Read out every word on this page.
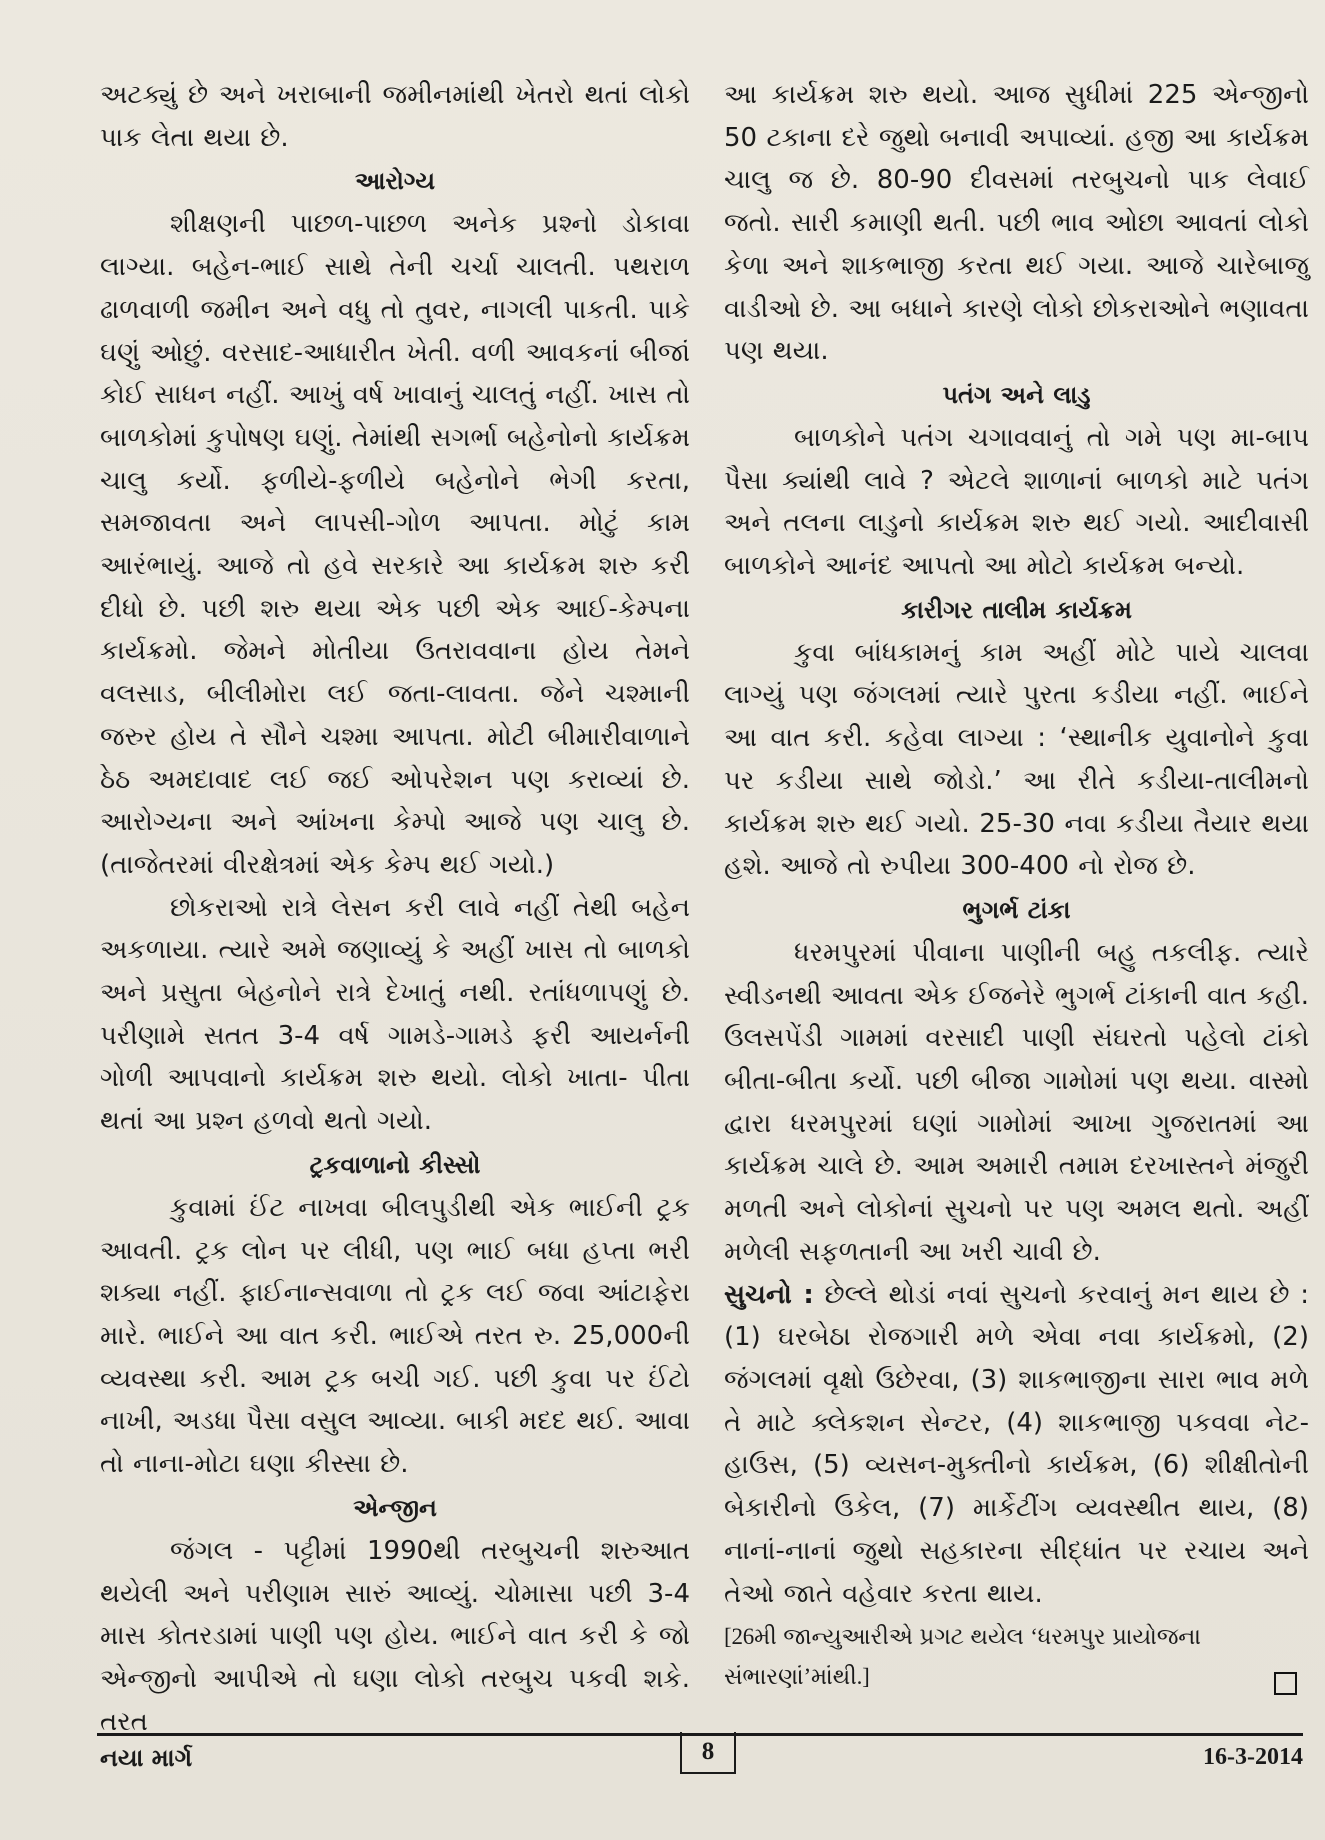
અટક્યું છે અને ખરાબાની જમીનમાંથી ખેતરો થતાં લોકો પાક લેતા થયા છે.

આરોગ્ય

શીક્ષણની પાછળ-પાછળ અનેક પ્રશ્નો ડોકાવા લાગ્યા. બહેન-ભાઈ સાથે તેની ચર્ચા ચાલતી. પથરાળ ઢાળવાળી જમીન અને વધુ તો તુવર, નાગલી પાકતી. પાકે ઘણું ઓછું. વરસાદ-આધારીત ખેતી. વળી આવકનાં બીજાં કોઈ સાધન નહીં. આખું વર્ષ ખાવાનું ચાલતું નહીં. ખાસ તો બાળકોમાં કુપોષણ ઘણું. તેમાંથી સગર્ભા બહેનોનો કાર્યક્રમ ચાલુ કર્યો. ફળીયે-ફળીયે બહેનોને ભેગી કરતા, સમજાવતા અને લાપસી-ગોળ આપતા. મોટું કામ આરંભાયું. આજે તો હવે સરકારે આ કાર્યક્રમ શરુ કરી દીધો છે. પછી શરુ થયા એક પછી એક આઈ-કેમ્પના કાર્યક્રમો. જેમને મોતીયા ઉતરાવવાના હોય તેમને વલસાડ, બીલીમોરા લઈ જતા-લાવતા. જેને ચશ્માની જરુર હોય તે સૌને ચશ્મા આપતા. મોટી બીમારીવાળાને ઠેઠ અમદાવાદ લઈ જઈ ઓપરેશન પણ કરાવ્યાં છે. આરોગ્યના અને આંખના કેમ્પો આજે પણ ચાલુ છે. (તાજેતરમાં વીરક્ષેત્રમાં એક કેમ્પ થઈ ગયો.)

છોકરાઓ રાત્રે લેસન કરી લાવે નહીં તેથી બહેન અકળાયા. ત્યારે અમે જણાવ્યું કે અહીં ખાસ તો બાળકો અને પ્રસુતા બેહનોને રાત્રે દેખાતું નથી. રતાંધળાપણું છે. પરીણામે સતત 3-4 વર્ષ ગામડે-ગામડે ફરી આયર્નની ગોળી આપવાનો કાર્યક્રમ શરુ થયો. લોકો ખાતા- પીતા થતાં આ પ્રશ્ન હળવો થતો ગયો.

ટ્રકવાળાનો કીસ્સો

કુવામાં ઈંટ નાખવા બીલપુડીથી એક ભાઈની ટ્રક આવતી. ટ્રક લોન પર લીધી, પણ ભાઈ બધા હપ્તા ભરી શક્યા નહીં. ફાઈનાન્સવાળા તો ટ્રક લઈ જવા આંટાફેરા મારે. ભાઈને આ વાત કરી. ભાઈએ તરત રુ. 25,000ની વ્યવસ્થા કરી. આમ ટ્રક બચી ગઈ. પછી કુવા પર ઈંટો નાખી, અડધા પૈસા વસુલ આવ્યા. બાકી મદદ થઈ. આવા તો નાના-મોટા ઘણા કીસ્સા છે.

એન્જીન

જંગલ - પટ્ટીમાં 1990થી તરબુચની શરુઆત થયેલી અને પરીણામ સારું આવ્યું. ચોમાસા પછી 3-4 માસ કોતરડામાં પાણી પણ હોય. ભાઈને વાત કરી કે જો એન્જીનો આપીએ તો ઘણા લોકો તરબુચ પકવી શકે. તરત

આ કાર્યક્રમ શરુ થયો. આજ સુધીમાં 225 એન્જીનો 50 ટકાના દરે જુથો બનાવી અપાવ્યાં. હજી આ કાર્યક્રમ ચાલુ જ છે. 80-90 દીવસમાં તરબુચનો પાક લેવાઈ જતો. સારી કમાણી થતી. પછી ભાવ ઓછા આવતાં લોકો કેળા અને શાકભાજી કરતા થઈ ગયા. આજે ચારેબાજુ વાડીઓ છે. આ બધાને કારણે લોકો છોકરાઓને ભણાવતા પણ થયા.

પતંગ અને લાડુ

બાળકોને પતંગ ચગાવવાનું તો ગમે પણ મા-બાપ પૈસા ક્યાંથી લાવે ? એટલે શાળાનાં બાળકો માટે પતંગ અને તલના લાડુનો કાર્યક્રમ શરુ થઈ ગયો. આદીવાસી બાળકોને આનંદ આપતો આ મોટો કાર્યક્રમ બન્યો.

કારીગર તાલીમ કાર્યક્રમ

કુવા બાંધકામનું કામ અહીં મોટે પાયે ચાલવા લાગ્યું પણ જંગલમાં ત્યારે પુરતા કડીયા નહીં. ભાઈને આ વાત કરી. કહેવા લાગ્યા : ‘સ્થાનીક યુવાનોને કુવા પર કડીયા સાથે જોડો.’ આ રીતે કડીયા-તાલીમનો કાર્યક્રમ શરુ થઈ ગયો. 25-30 નવા કડીયા તૈયાર થયા હશે. આજે તો રુપીયા 300-400 નો રોજ છે.

ભુગર્ભ ટાંકા

ધરમપુરમાં પીવાના પાણીની બહુ તકલીફ. ત્યારે સ્વીડનથી આવતા એક ઈજનેરે ભુગર્ભ ટાંકાની વાત કહી. ઉલસપેંડી ગામમાં વરસાદી પાણી સંઘરતો પહેલો ટાંકો બીતા-બીતા કર્યો. પછી બીજા ગામોમાં પણ થયા. વાસ્મો દ્વારા ધરમપુરમાં ઘણાં ગામોમાં આખા ગુજરાતમાં આ કાર્યક્રમ ચાલે છે. આમ અમારી તમામ દરખાસ્તને મંજુરી મળતી અને લોકોનાં સુચનો પર પણ અમલ થતો. અહીં મળેલી સફળતાની આ ખરી ચાવી છે.

સુચનો : છેલ્લે થોડાં નવાં સુચનો કરવાનું મન થાય છે : (1) ઘરબેઠા રોજગારી મળે એવા નવા કાર્યક્રમો, (2) જંગલમાં વૃક્ષો ઉછેરવા, (3) શાકભાજીના સારા ભાવ મળે તે માટે ક્લેકશન સેન્ટર, (4) શાકભાજી પકવવા નેટ-હાઉસ, (5) વ્યસન-મુક્તીનો કાર્યક્રમ, (6) શીક્ષીતોની બેકારીનો ઉકેલ, (7) માર્કેટીંગ વ્યવસ્થીત થાય, (8) નાનાં-નાનાં જુથો સહકારના સીદ્ધાંત પર રચાય અને તેઓ જાતે વહેવાર કરતા થાય.

[26મી જાન્યુઆરીએ પ્રગટ થયેલ ‘ધરમપુર પ્રાયોજના સંભારણાં’માંથી.]

નયા માર્ગ	8	16-3-2014
